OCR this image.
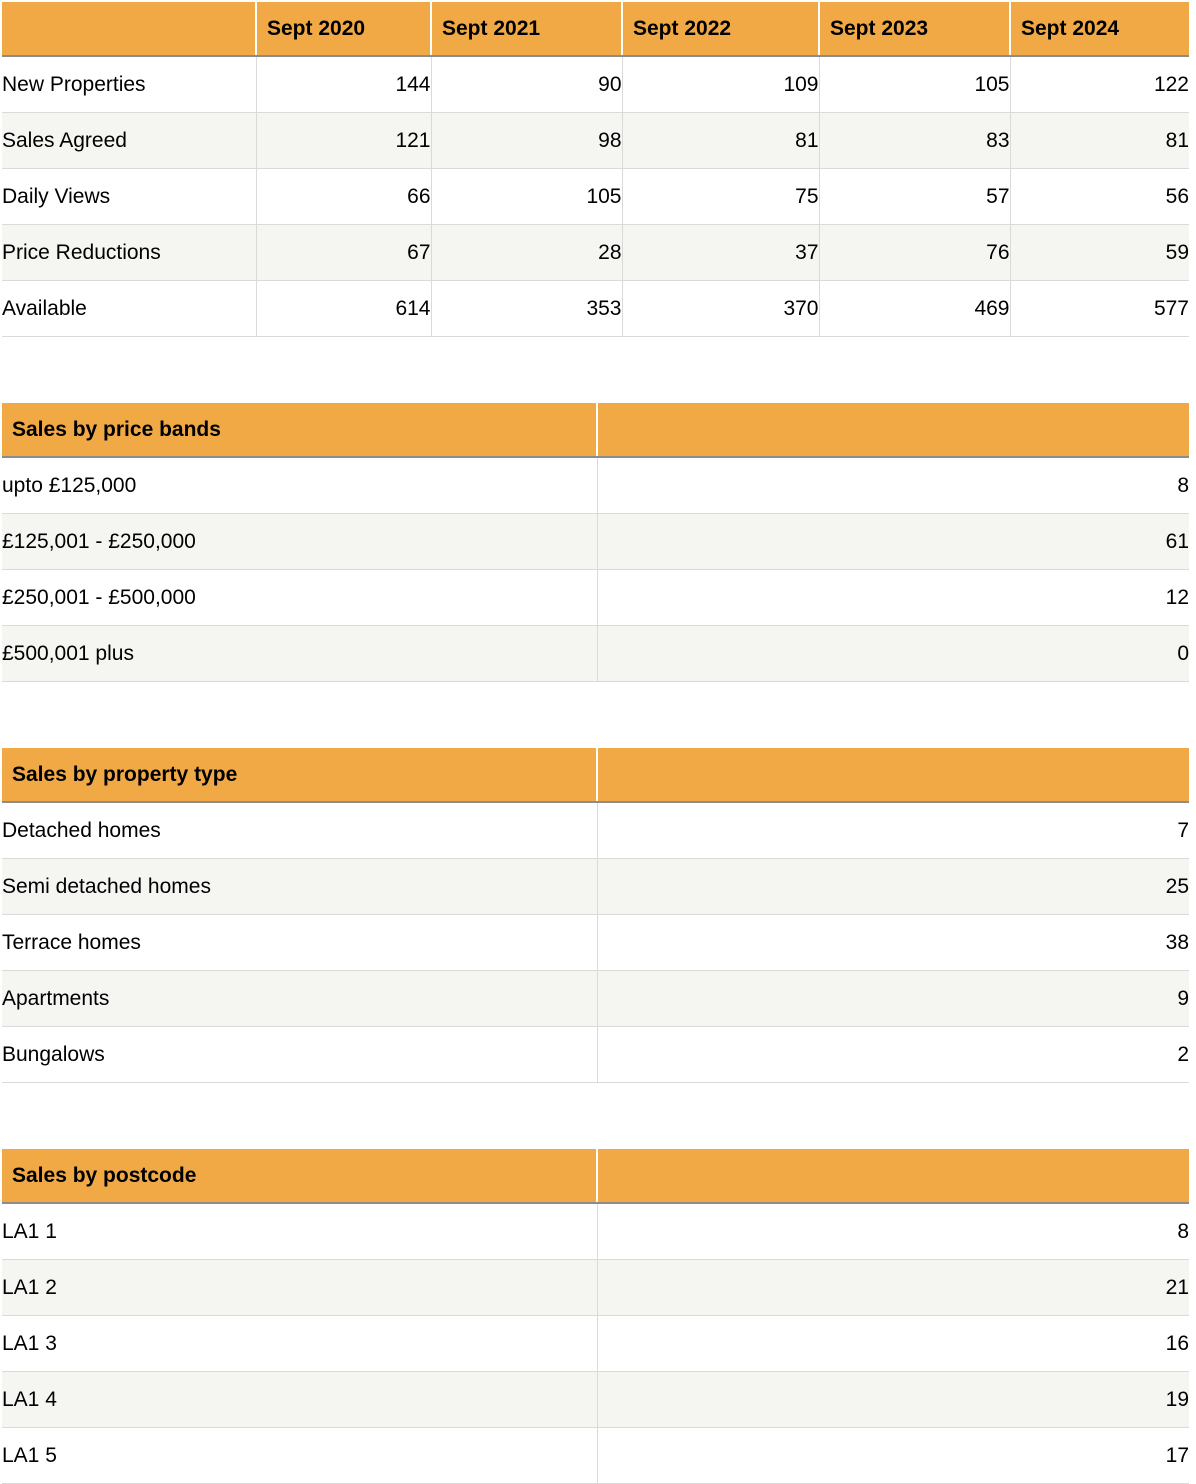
	Sept 2020	Sept 2021	Sept 2022	Sept 2023	Sept 2024
New Properties	144	90	109	105	122
Sales Agreed	121	98	81	83	81
Daily Views	66	105	75	57	56
Price Reductions	67	28	37	76	59
Available	614	353	370	469	577
Sales by price bands	
upto £125,000	8
£125,001 - £250,000	61
£250,001 - £500,000	12
£500,001 plus	0
Sales by property type	
Detached homes	7
Semi detached homes	25
Terrace homes	38
Apartments	9
Bungalows	2
Sales by postcode	
LA1 1	8
LA1 2	21
LA1 3	16
LA1 4	19
LA1 5	17
